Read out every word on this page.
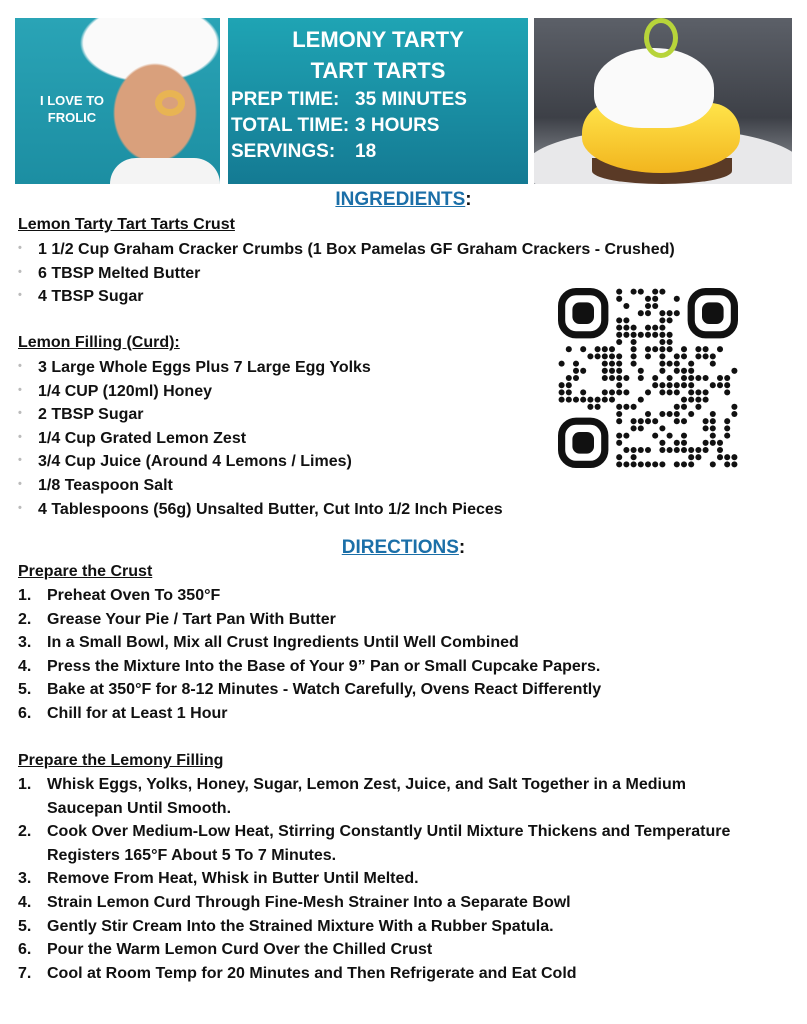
I LOVE TO FROLIC
LEMONY TARTY
TART TARTS
PREP TIME: 35 MINUTES
TOTAL TIME: 3 HOURS
SERVINGS: 18
INGREDIENTS:
Lemon Tarty Tart Tarts Crust
• 1 1/2 Cup Graham Cracker Crumbs (1 Box Pamelas GF Graham Crackers - Crushed)
• 6 TBSP Melted Butter
• 4 TBSP Sugar
Lemon Filling (Curd):
• 3 Large Whole Eggs Plus 7 Large Egg Yolks
• 1/4 CUP (120ml) Honey
• 2 TBSP Sugar
• 1/4 Cup Grated Lemon Zest
• 3/4 Cup Juice (Around 4 Lemons / Limes)
• 1/8 Teaspoon Salt
• 4 Tablespoons (56g) Unsalted Butter, Cut Into 1/2 Inch Pieces
DIRECTIONS:
Prepare the Crust
1. Preheat Oven To 350°F
2. Grease Your Pie / Tart Pan With Butter
3. In a Small Bowl, Mix all Crust Ingredients Until Well Combined
4. Press the Mixture Into the Base of Your 9” Pan or Small Cupcake Papers.
5. Bake at 350°F for 8-12 Minutes - Watch Carefully, Ovens React Differently
6. Chill for at Least 1 Hour
Prepare the Lemony Filling
1. Whisk Eggs, Yolks, Honey, Sugar, Lemon Zest, Juice, and Salt Together in a Medium Saucepan Until Smooth.
2. Cook Over Medium-Low Heat, Stirring Constantly Until Mixture Thickens and Temperature Registers 165°F About 5 To 7 Minutes.
3. Remove From Heat, Whisk in Butter Until Melted.
4. Strain Lemon Curd Through Fine-Mesh Strainer Into a Separate Bowl
5. Gently Stir Cream Into the Strained Mixture With a Rubber Spatula.
6. Pour the Warm Lemon Curd Over the Chilled Crust
7. Cool at Room Temp for 20 Minutes and Then Refrigerate and Eat Cold
